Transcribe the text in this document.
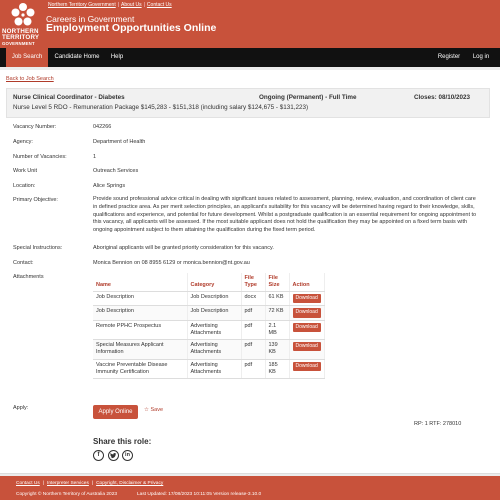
NORTHERN
TERRITORY
GOVERNMENT
Northern Territory Government | About Us | Contact Us
Careers in Government
Employment Opportunities Online
Job Search	Candidate Home	Help	Register	Log in
Back to Job Search
Nurse Clinical Coordinator - Diabetes	Ongoing (Permanent) - Full Time	Closes: 08/10/2023
Nurse Level 5 RDO - Remuneration Package $145,283 - $151,318 (including salary $124,675 - $131,223)
Vacancy Number:	042266
Agency:	Department of Health
Number of Vacancies:	1
Work Unit	Outreach Services
Location:	Alice Springs
Primary Objective:	Provide sound professional advice critical in dealing with significant issues related to assessment, planning, review, evaluation, and coordination of client care in defined practice area. As per merit selection principles, an applicant's suitability for this vacancy will be determined having regard to their knowledge, skills, qualifications and experience, and potential for future development. Whilst a postgraduate qualification is an essential requirement for ongoing appointment to this vacancy, all applicants will be assessed. If the most suitable applicant does not hold the qualification they may be appointed on a fixed term basis with ongoing appointment subject to them attaining the qualification during the fixed term period.
Special Instructions:	Aboriginal applicants will be granted priority consideration for this vacancy.
Contact:	Monica Bennion on 08 8955 6129 or monica.bennion@nt.gov.au
Attachments
Name	Category	File Type	File Size	Action
Job Description	Job Description	docx	61 KB	Download
Job Description	Job Description	pdf	72 KB	Download
Remote PPHC Prospectus	Advertising Attachments	pdf	2.1 MB	Download
Special Measures Applicant Information	Advertising Attachments	pdf	139 KB	Download
Vaccine Preventable Disease Immunity Certification	Advertising Attachments	pdf	185 KB	Download
Apply:
Apply Online	☆ Save
RP: 1 RTF: 278010
Share this role:
f	in
Contact Us | Interpreter Services | Copyright, Disclaimer & Privacy
Copyright © Northern Territory of Australia 2023	Last Updated: 17/08/2023 10:11:05 Version release-3.10.0
